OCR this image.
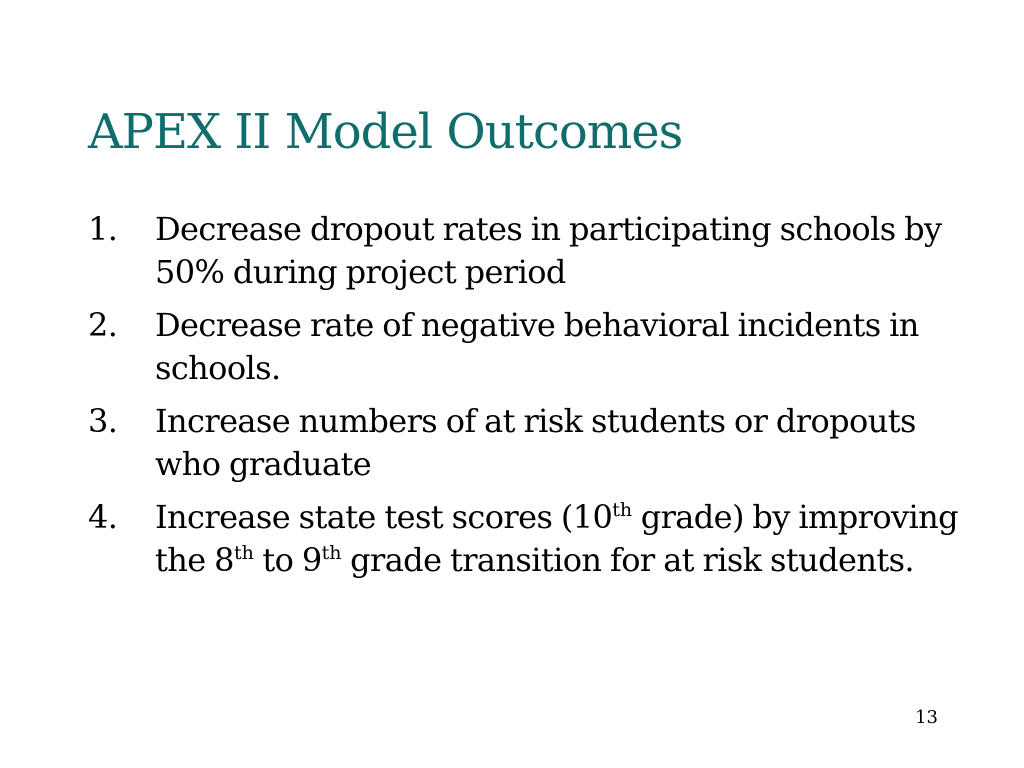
APEX II Model Outcomes
1.	Decrease dropout rates in participating schools by 50% during project period
2.	Decrease rate of negative behavioral incidents in schools.
3.	Increase numbers of at risk students or dropouts who graduate
4.	Increase state test scores (10th grade) by improving the 8th to 9th grade transition for at risk students.
13
